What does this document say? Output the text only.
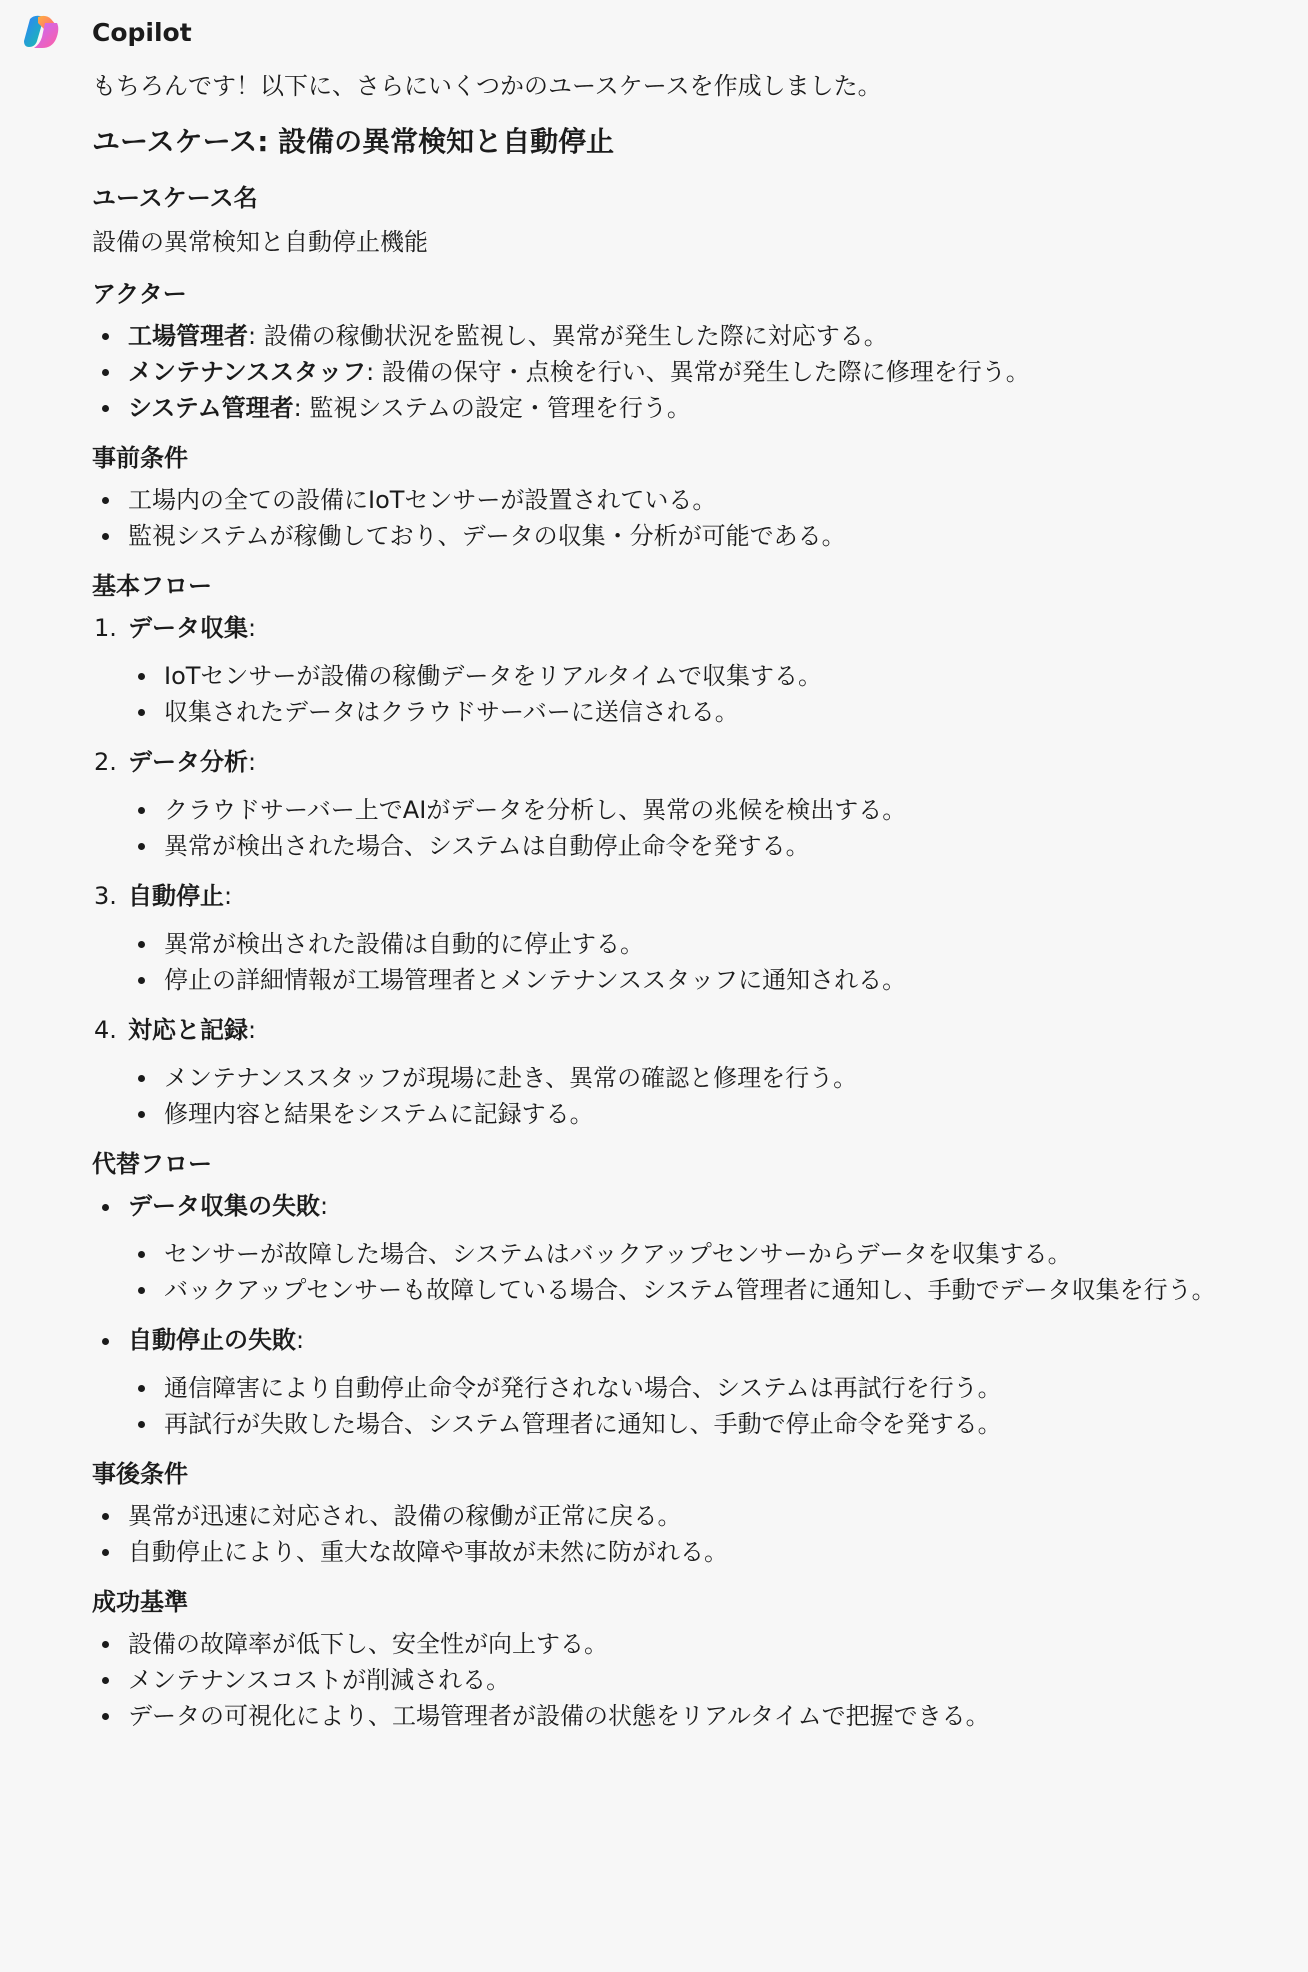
Copilot
もちろんです！以下に、さらにいくつかのユースケースを作成しました。
ユースケース: 設備の異常検知と自動停止
ユースケース名
設備の異常検知と自動停止機能
アクター
工場管理者: 設備の稼働状況を監視し、異常が発生した際に対応する。
メンテナンススタッフ: 設備の保守・点検を行い、異常が発生した際に修理を行う。
システム管理者: 監視システムの設定・管理を行う。
事前条件
工場内の全ての設備にIoTセンサーが設置されている。
監視システムが稼働しており、データの収集・分析が可能である。
基本フロー
1. データ収集:
IoTセンサーが設備の稼働データをリアルタイムで収集する。
収集されたデータはクラウドサーバーに送信される。
2. データ分析:
クラウドサーバー上でAIがデータを分析し、異常の兆候を検出する。
異常が検出された場合、システムは自動停止命令を発する。
3. 自動停止:
異常が検出された設備は自動的に停止する。
停止の詳細情報が工場管理者とメンテナンススタッフに通知される。
4. 対応と記録:
メンテナンススタッフが現場に赴き、異常の確認と修理を行う。
修理内容と結果をシステムに記録する。
代替フロー
データ収集の失敗:
センサーが故障した場合、システムはバックアップセンサーからデータを収集する。
バックアップセンサーも故障している場合、システム管理者に通知し、手動でデータ収集を行う。
自動停止の失敗:
通信障害により自動停止命令が発行されない場合、システムは再試行を行う。
再試行が失敗した場合、システム管理者に通知し、手動で停止命令を発する。
事後条件
異常が迅速に対応され、設備の稼働が正常に戻る。
自動停止により、重大な故障や事故が未然に防がれる。
成功基準
設備の故障率が低下し、安全性が向上する。
メンテナンスコストが削減される。
データの可視化により、工場管理者が設備の状態をリアルタイムで把握できる。
